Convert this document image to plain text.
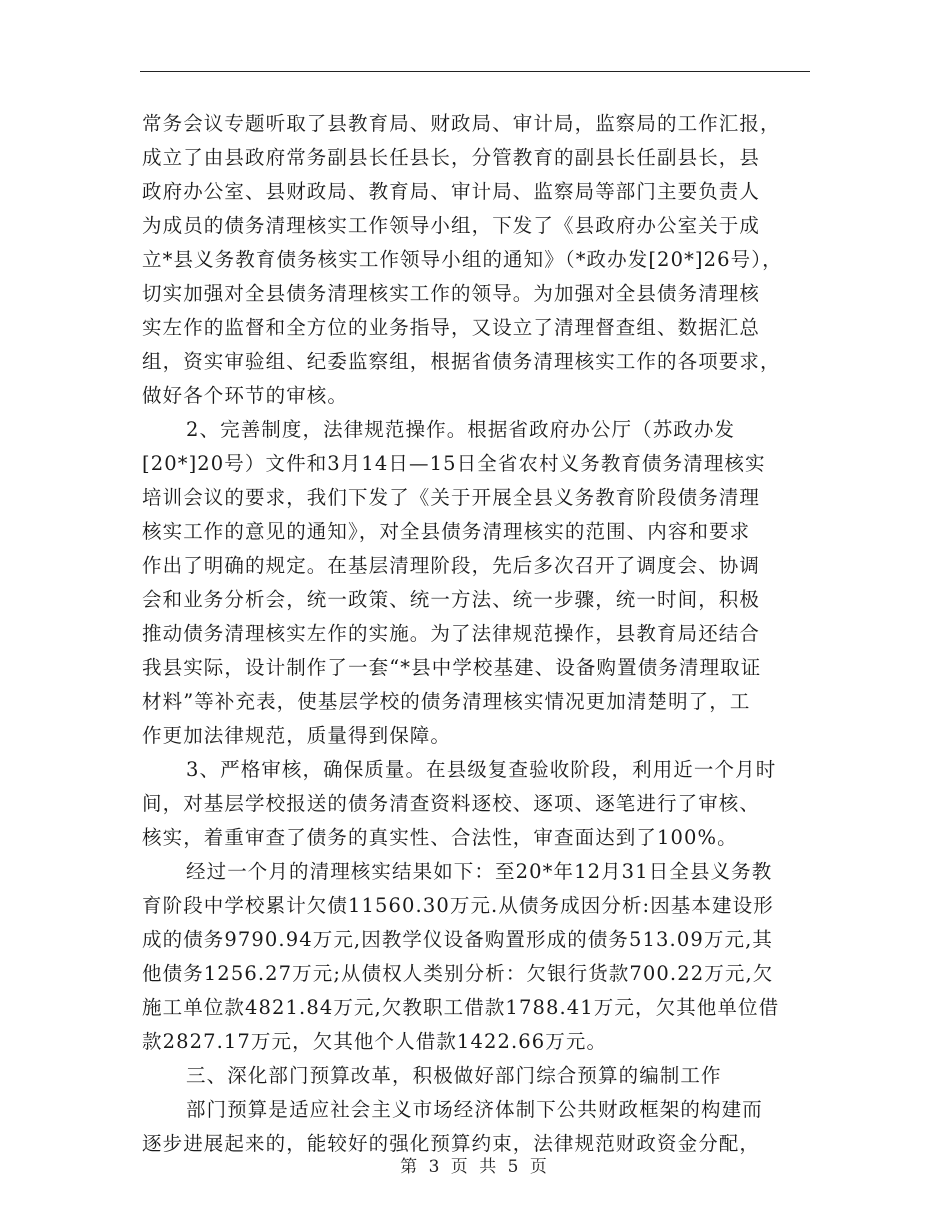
常务会议专题听取了县教育局、财政局、审计局，监察局的工作汇报，
成立了由县政府常务副县长任县长，分管教育的副县长任副县长，县
政府办公室、县财政局、教育局、审计局、监察局等部门主要负责人
为成员的债务清理核实工作领导小组，下发了《县政府办公室关于成
立*县义务教育债务核实工作领导小组的通知》（*政办发[20*]26号），
切实加强对全县债务清理核实工作的领导。为加强对全县债务清理核
实左作的监督和全方位的业务指导，又设立了清理督查组、数据汇总
组，资实审验组、纪委监察组，根据省债务清理核实工作的各项要求，
做好各个环节的审核。
2、完善制度，法律规范操作。根据省政府办公厅（苏政办发
[20*]20号）文件和3月14日—15日全省农村义务教育债务清理核实
培训会议的要求，我们下发了《关于开展全县义务教育阶段债务清理
核实工作的意见的通知》，对全县债务清理核实的范围、内容和要求
作出了明确的规定。在基层清理阶段，先后多次召开了调度会、协调
会和业务分析会，统一政策、统一方法、统一步骤，统一时间，积极
推动债务清理核实左作的实施。为了法律规范操作，县教育局还结合
我县实际，设计制作了一套“*县中学校基建、设备购置债务清理取证
材料”等补充表，使基层学校的债务清理核实情况更加清楚明了，工
作更加法律规范，质量得到保障。
3、严格审核，确保质量。在县级复查验收阶段，利用近一个月时
间，对基层学校报送的债务清查资料逐校、逐项、逐笔进行了审核、
核实，着重审查了债务的真实性、合法性，审查面达到了100%。
经过一个月的清理核实结果如下：至20*年12月31日全县义务教
育阶段中学校累计欠债11560.30万元.从债务成因分析:因基本建设形
成的债务9790.94万元,因教学仪设备购置形成的债务513.09万元,其
他债务1256.27万元;从债权人类别分析：欠银行货款700.22万元,欠
施工单位款4821.84万元,欠教职工借款1788.41万元，欠其他单位借
款2827.17万元，欠其他个人借款1422.66万元。
三、深化部门预算改革，积极做好部门综合预算的编制工作
部门预算是适应社会主义市场经济体制下公共财政框架的构建而
逐步进展起来的，能较好的强化预算约束，法律规范财政资金分配，
第 3 页 共 5 页
